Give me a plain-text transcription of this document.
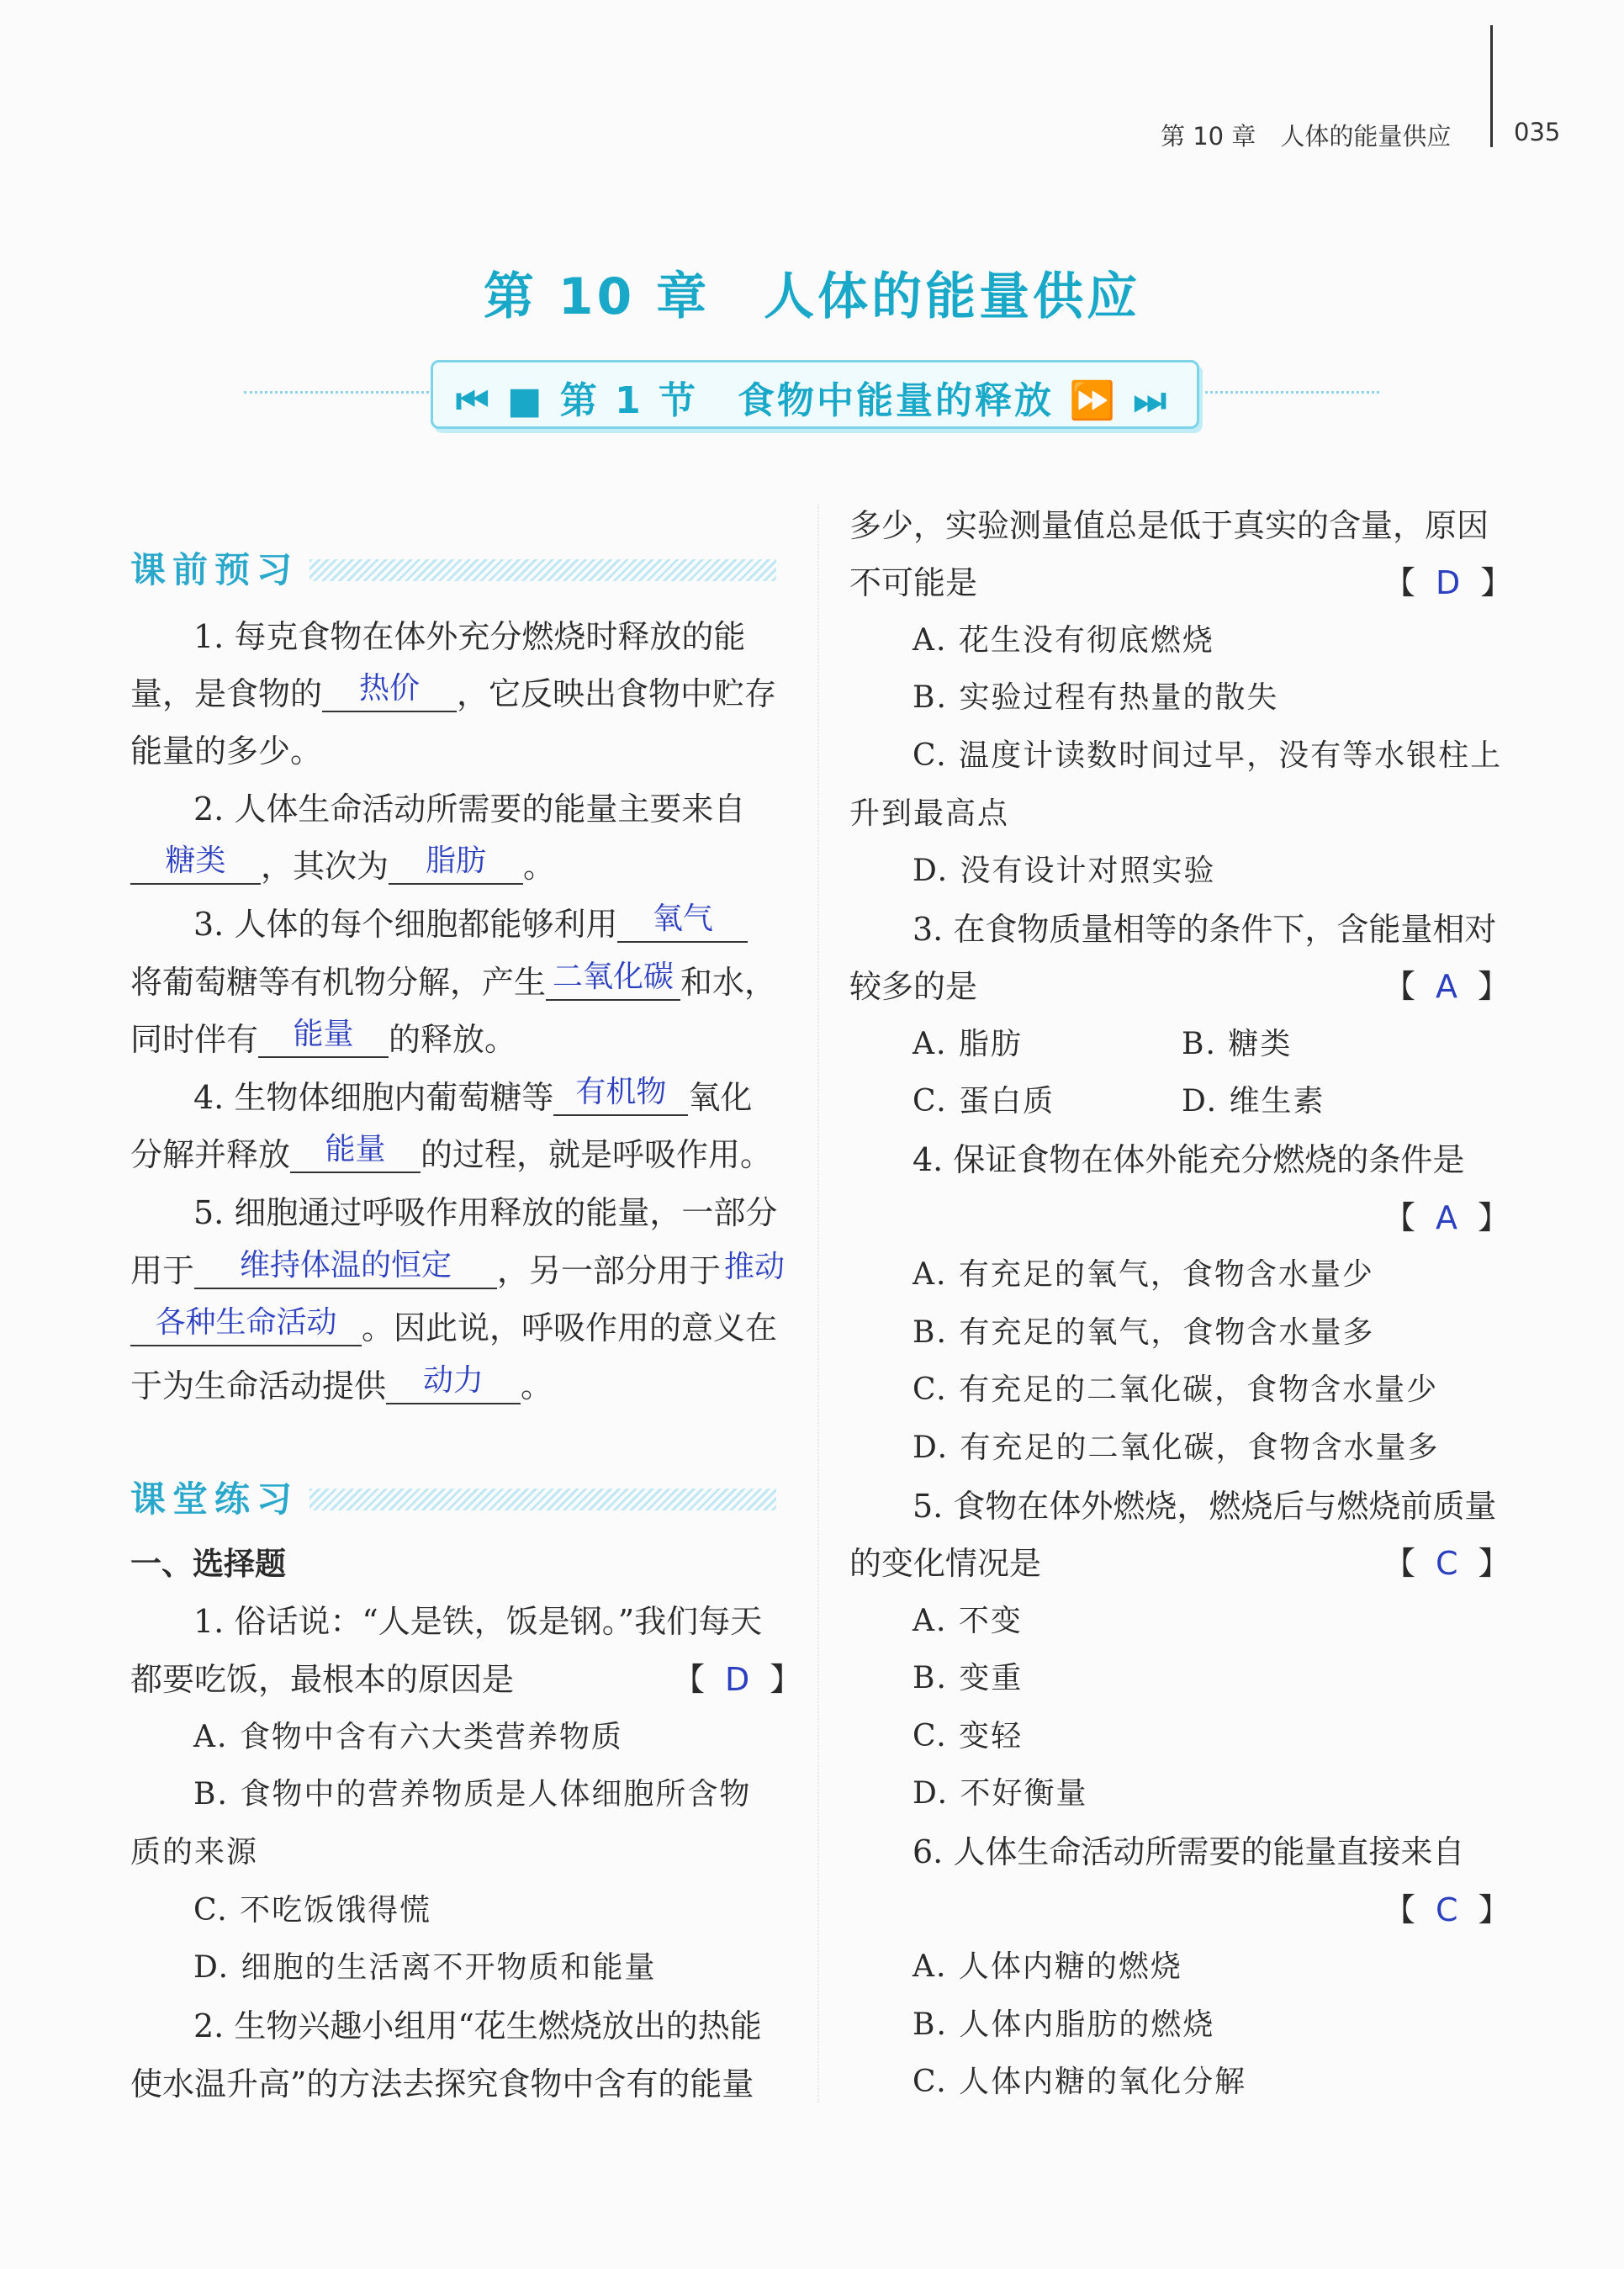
第 10 章　人体的能量供应	035
第 10 章　人体的能量供应
⏮ ■ 第 1 节　食物中能量的释放 ⏩ ⏭
课前预习
1. 每克食物在体外充分燃烧时释放的能
量，是食物的	热价	，它反映出食物中贮存
能量的多少。
2. 人体生命活动所需要的能量主要来自
糖类	，其次为	脂肪	。
3. 人体的每个细胞都能够利用	氧气
将葡萄糖等有机物分解，产生 二氧化碳 和水，
同时伴有	能量	的释放。
4. 生物体细胞内葡萄糖等 有机物 氧化
分解并释放	能量	的过程，就是呼吸作用。
5. 细胞通过呼吸作用释放的能量，一部分
用于	维持体温的恒定	，另一部分用于 推动
各种生命活动 。因此说，呼吸作用的意义在
于为生命活动提供	动力	。
课堂练习
一、选择题
1. 俗话说：“人是铁，饭是钢。”我们每天
都要吃饭，最根本的原因是	【 D 】
A. 食物中含有六大类营养物质
B. 食物中的营养物质是人体细胞所含物
质的来源
C. 不吃饭饿得慌
D. 细胞的生活离不开物质和能量
2. 生物兴趣小组用“花生燃烧放出的热能
使水温升高”的方法去探究食物中含有的能量
多少，实验测量值总是低于真实的含量，原因
不可能是	【 D 】
A. 花生没有彻底燃烧
B. 实验过程有热量的散失
C. 温度计读数时间过早，没有等水银柱上
升到最高点
D. 没有设计对照实验
3. 在食物质量相等的条件下，含能量相对
较多的是	【 A 】
A. 脂肪	B. 糖类
C. 蛋白质	D. 维生素
4. 保证食物在体外能充分燃烧的条件是
【 A 】
A. 有充足的氧气，食物含水量少
B. 有充足的氧气，食物含水量多
C. 有充足的二氧化碳，食物含水量少
D. 有充足的二氧化碳，食物含水量多
5. 食物在体外燃烧，燃烧后与燃烧前质量
的变化情况是	【 C 】
A. 不变
B. 变重
C. 变轻
D. 不好衡量
6. 人体生命活动所需要的能量直接来自
【 C 】
A. 人体内糖的燃烧
B. 人体内脂肪的燃烧
C. 人体内糖的氧化分解
